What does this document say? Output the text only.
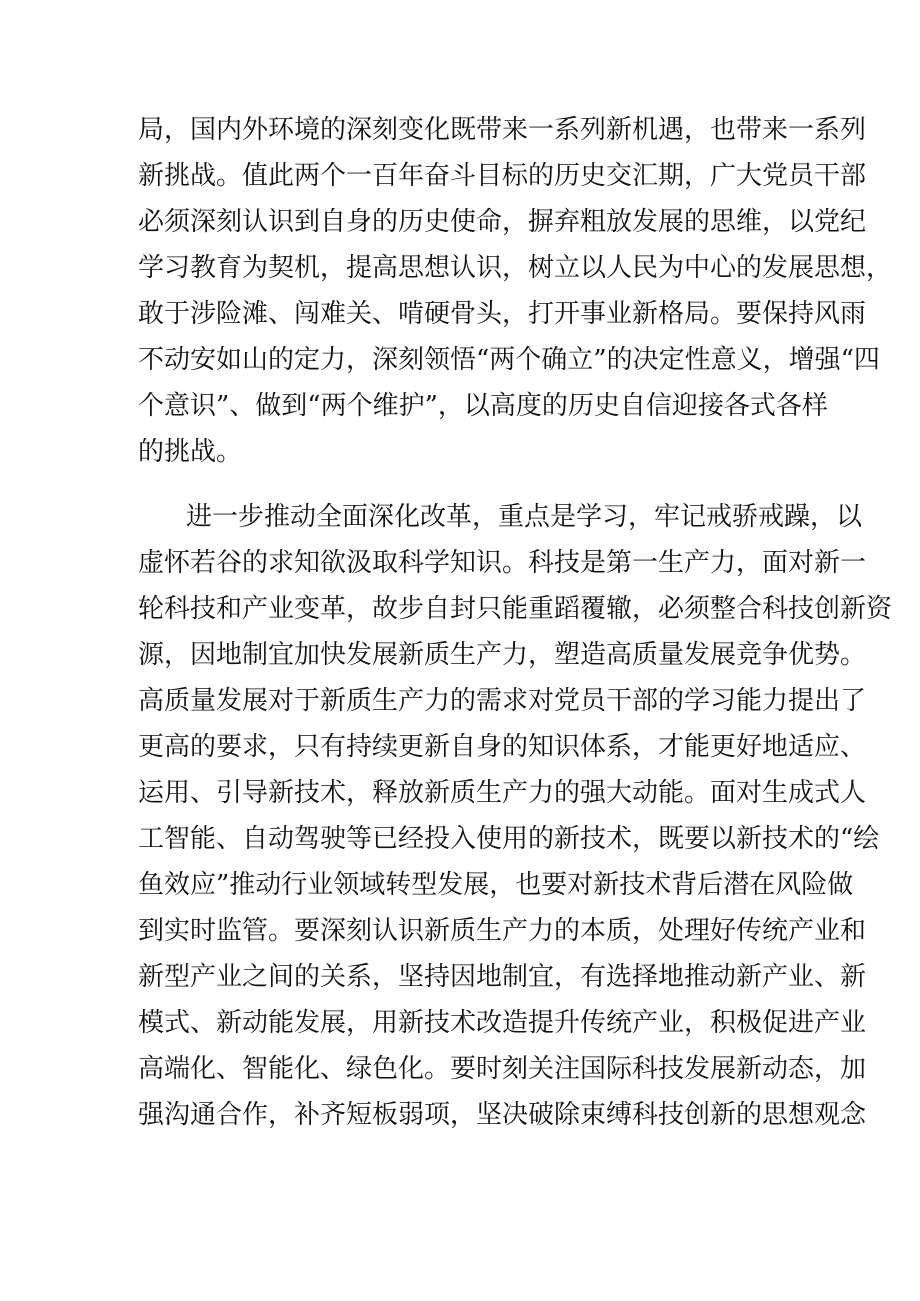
局，国内外环境的深刻变化既带来一系列新机遇，也带来一系列
新挑战。值此两个一百年奋斗目标的历史交汇期，广大党员干部
必须深刻认识到自身的历史使命，摒弃粗放发展的思维，以党纪
学习教育为契机，提高思想认识，树立以人民为中心的发展思想，
敢于涉险滩、闯难关、啃硬骨头，打开事业新格局。要保持风雨
不动安如山的定力，深刻领悟“两个确立”的决定性意义，增强“四
个意识”、做到“两个维护”，以高度的历史自信迎接各式各样
的挑战。
进一步推动全面深化改革，重点是学习，牢记戒骄戒躁，以
虚怀若谷的求知欲汲取科学知识。科技是第一生产力，面对新一
轮科技和产业变革，故步自封只能重蹈覆辙，必须整合科技创新资
源，因地制宜加快发展新质生产力，塑造高质量发展竞争优势。
高质量发展对于新质生产力的需求对党员干部的学习能力提出了
更高的要求，只有持续更新自身的知识体系，才能更好地适应、
运用、引导新技术，释放新质生产力的强大动能。面对生成式人
工智能、自动驾驶等已经投入使用的新技术，既要以新技术的“绘
鱼效应”推动行业领域转型发展，也要对新技术背后潜在风险做
到实时监管。要深刻认识新质生产力的本质，处理好传统产业和
新型产业之间的关系，坚持因地制宜，有选择地推动新产业、新
模式、新动能发展，用新技术改造提升传统产业，积极促进产业
高端化、智能化、绿色化。要时刻关注国际科技发展新动态，加
强沟通合作，补齐短板弱项，坚决破除束缚科技创新的思想观念
